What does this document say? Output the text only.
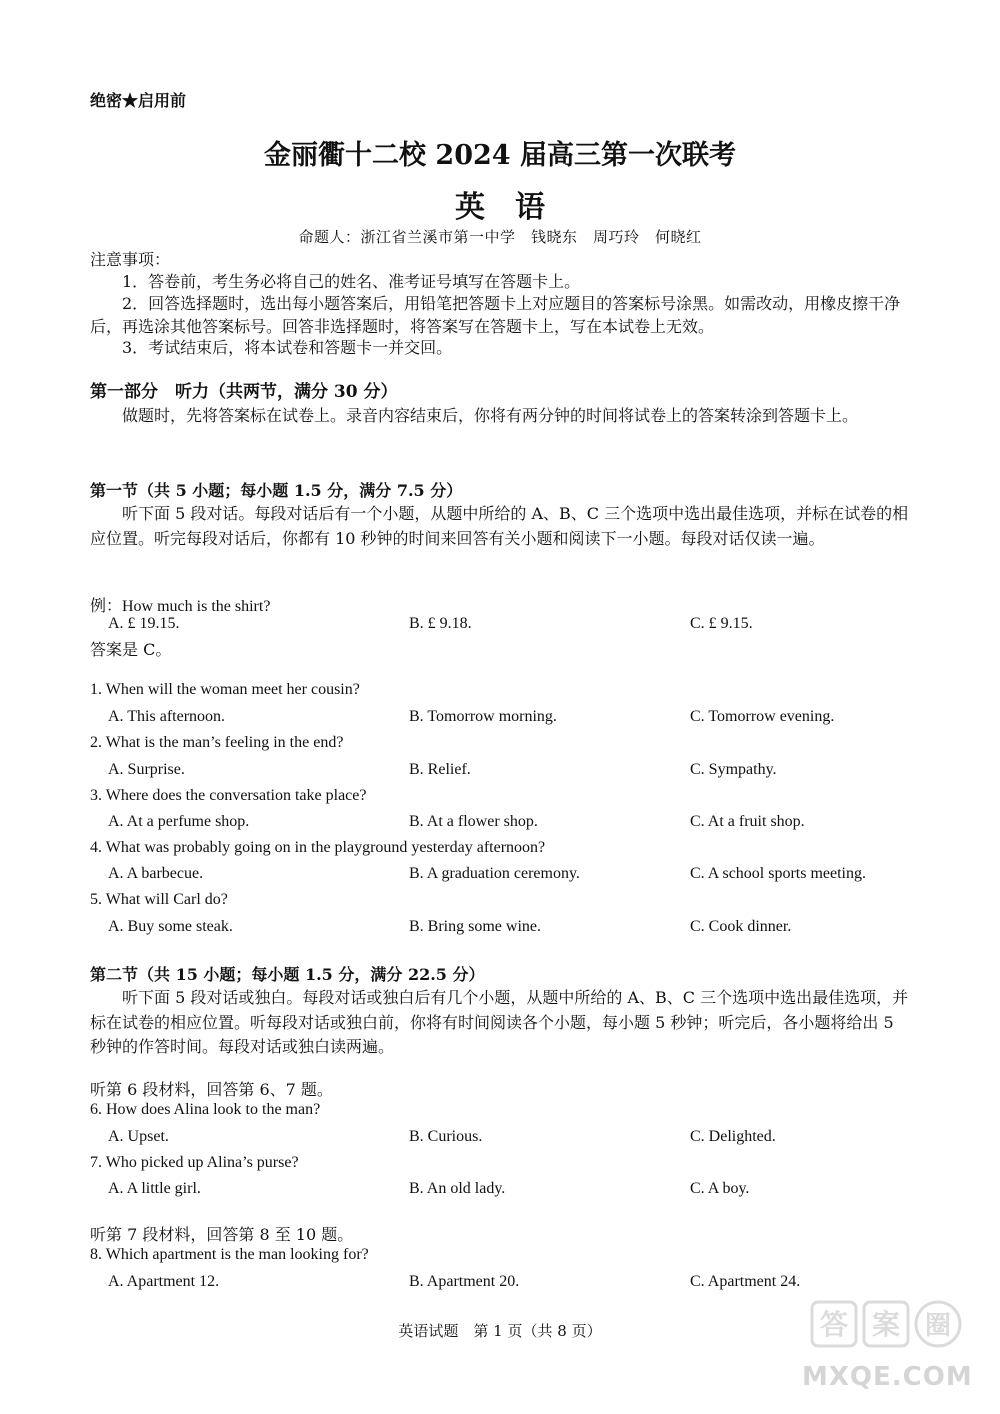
绝密★启用前
金丽衢十二校 2024 届高三第一次联考
英　语
命题人：浙江省兰溪市第一中学　钱晓东　周巧玲　何晓红
注意事项：
1．答卷前，考生务必将自己的姓名、准考证号填写在答题卡上。
2．回答选择题时，选出每小题答案后，用铅笔把答题卡上对应题目的答案标号涂黑。如需改动，用橡皮擦干净后，再选涂其他答案标号。回答非选择题时，将答案写在答题卡上，写在本试卷上无效。
3．考试结束后，将本试卷和答题卡一并交回。
第一部分　听力（共两节，满分 30 分）
做题时，先将答案标在试卷上。录音内容结束后，你将有两分钟的时间将试卷上的答案转涂到答题卡上。
第一节（共 5 小题；每小题 1.5 分，满分 7.5 分）
听下面 5 段对话。每段对话后有一个小题，从题中所给的 A、B、C 三个选项中选出最佳选项，并标在试卷的相应位置。听完每段对话后，你都有 10 秒钟的时间来回答有关小题和阅读下一小题。每段对话仅读一遍。
例：How much is the shirt?
A. £ 19.15.	B. £ 9.18.	C. £ 9.15.
答案是 C。
1. When will the woman meet her cousin?
A. This afternoon.	B. Tomorrow morning.	C. Tomorrow evening.
2. What is the man’s feeling in the end?
A. Surprise.	B. Relief.	C. Sympathy.
3. Where does the conversation take place?
A. At a perfume shop.	B. At a flower shop.	C. At a fruit shop.
4. What was probably going on in the playground yesterday afternoon?
A. A barbecue.	B. A graduation ceremony.	C. A school sports meeting.
5. What will Carl do?
A. Buy some steak.	B. Bring some wine.	C. Cook dinner.
第二节（共 15 小题；每小题 1.5 分，满分 22.5 分）
听下面 5 段对话或独白。每段对话或独白后有几个小题，从题中所给的 A、B、C 三个选项中选出最佳选项，并标在试卷的相应位置。听每段对话或独白前，你将有时间阅读各个小题，每小题 5 秒钟；听完后，各小题将给出 5 秒钟的作答时间。每段对话或独白读两遍。
听第 6 段材料，回答第 6、7 题。
6. How does Alina look to the man?
A. Upset.	B. Curious.	C. Delighted.
7. Who picked up Alina’s purse?
A. A little girl.	B. An old lady.	C. A boy.
听第 7 段材料，回答第 8 至 10 题。
8. Which apartment is the man looking for?
A. Apartment 12.	B. Apartment 20.	C. Apartment 24.
英语试题　第 1 页（共 8 页）	答 案 圈
MXQE.COM
